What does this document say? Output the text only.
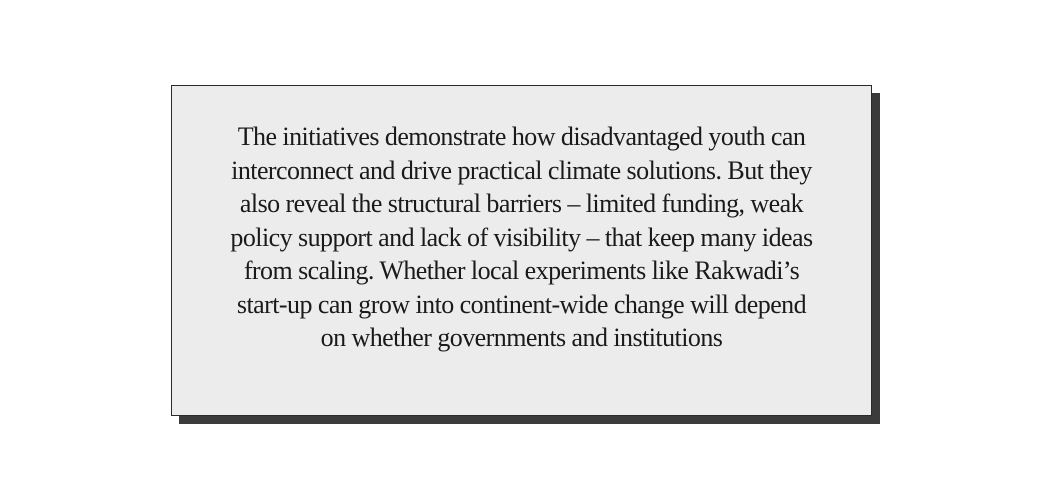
The initiatives demonstrate how disadvantaged youth can
interconnect and drive practical climate solutions. But they
also reveal the structural barriers – limited funding, weak
policy support and lack of visibility – that keep many ideas
from scaling. Whether local experiments like Rakwadi’s
start-up can grow into continent-wide change will depend
on whether governments and institutions
